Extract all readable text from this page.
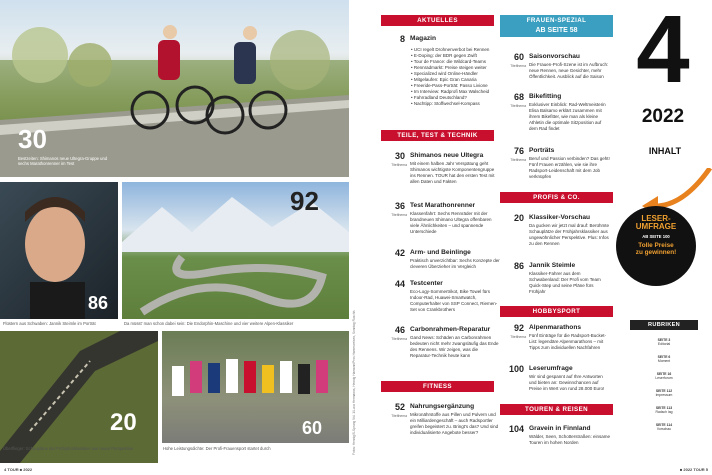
30
Bestzeiten: Shimanos neue Ultegra-Gruppe und sechs Marathonrenner im Test
86
Flüstern aus Schwaben: Jannik Steimle im Porträt
92
Da müsst' man schon dabei sein: Die Endorphin-Maschine und vier weitere Alpen-Klassiker
20
Überflieger: Schaupläne der Frühjahrsklassiker aus neuer Perspektive
60
Hohe Leistungsdichte: Der Profi-Frauensport startet durch	Fotos: Hennig/S-Sprung Vol. 1/Luca Hermanns, Hennig Hamann/Pros Hamerweisen, Sonntag Ruschh
4 TOUR ■ 2022
AKTUELLES
8 Magazin
• UCI regelt Drohnenverbot bei Rennen
• E-Doping: der BDR gegen Zwift
• Tour de France: die Wildcard-Teams
• Rennradmarkt: Preise steigen weiter
• Specialized wird Online-Händler
• Mitgelaufen: Epic Gran Canaria
• Freeride-Pass-Porträt: Passo Livione
• Im Interview: Radprofi Max Walscheid
• Fahrradland Deutschland?
• Nachtipp: Stoffwechsel-Kompass
TEILE, TEST & TECHNIK
30 Shimanos neue Ultegra
Titelthema Mit einem halben Jahr Verspätung geht Shimanos wichtigste Komponentengruppe ins Rennen. TOUR hat den ersten Test mit allen Daten und Fakten
36 Test Marathonrenner
Titelthema Klassenfahrt: Sechs Rennräder mit der brandneuen Shimano Ultegra offenbaren viele Ähnlichkeiten – und spannende Unterschiede
42 Arm- und Beinlinge
Praktisch unverzichtbar: Sechs Konzepte der cleveren Überzieher im Vergleich
44 Testcenter
Eco-Logy-Sommertrikot, Bike Towel fürs Indoor-Rad, Huawei-Smartwatch, Computerhalter von SSP Connect, Riemen-Set von Crankbrothers
46 Carbonrahmen-Reparatur
Titelthema Gand News: Schäden an Carbonrahmen bedeuten nicht mehr zwangsläufig das Ende des Rennens. Wir zeigen, was die Reparatur-Technik heute kann
FITNESS
52 Nahrungsergänzung
Titelthema Mikronährstoffe aus Pillen und Pulvern und ein Milliardengeschäft – auch Radsportler greifen begeistert zu. Bringt's das? Und sind individualisierte Angebote besser?
FRAUEN-SPEZIAL
AB SEITE 58
60 Saisonvorschau
Titelthema Die Frauen-Profi-Szene ist im Aufbruch: neue Rennen, neue Gesichter, mehr Öffentlichkeit. Ausblick auf die Saison
68 Bikefitting
Titelthema Exklusiver Einblick: Rad-Weltmeisterin Elisa Balsamo erklärt zusammen mit ihrem Bikefitter, wie man als kleine Athletin die optimale Sitzposition auf dem Rad findet
76 Porträts
Titelthema Beruf und Passion verbinden? Das geht! Fünf Frauen erzählen, wie sie ihre Radsport-Leidenschaft mit dem Job verknüpfen
PROFIS & CO.
20 Klassiker-Vorschau
Da gucken wir jetzt mal drauf: Berühmte Schauplätze der Frühjahrsklassiker aus ungewöhnlicher Perspektive. Plus: Infos zu den Rennen
86 Jannik Steimle
Klassiker-Fahrer aus dem Schwabenland: Der Profi vom Team Quick-Step und seine Pläne fürs Frühjahr
HOBBYSPORT
92 Alpenmarathons
Titelthema Fünf Einträge für die Radsport-Bucket-List: legendäre Alpenmarathons – mit Tipps zum individuellen Nachfahren
100 Leserumfrage
Wir sind gespannt auf Ihre Antworten und bieten an: Gewinnchancen auf Preise im Wert von rund 28.000 Euro!
TOUREN & REISEN
104 Gravein in Finnland
Wälder, Seen, Schotterstraßen: einsame Touren im hohen Norden
4
2022
INHALT
LESER-
UMFRAGE
AB SEITE 100
Tolle Preise
zu gewinnen!
RUBRIKEN
SEITE 3
Editorial
SEITE 6
Moment
SEITE 16
Leserforum
SEITE 112
Impressum
SEITE 113
Radsch lag
SEITE 114
Vorschau
■ 2022 TOUR 5
